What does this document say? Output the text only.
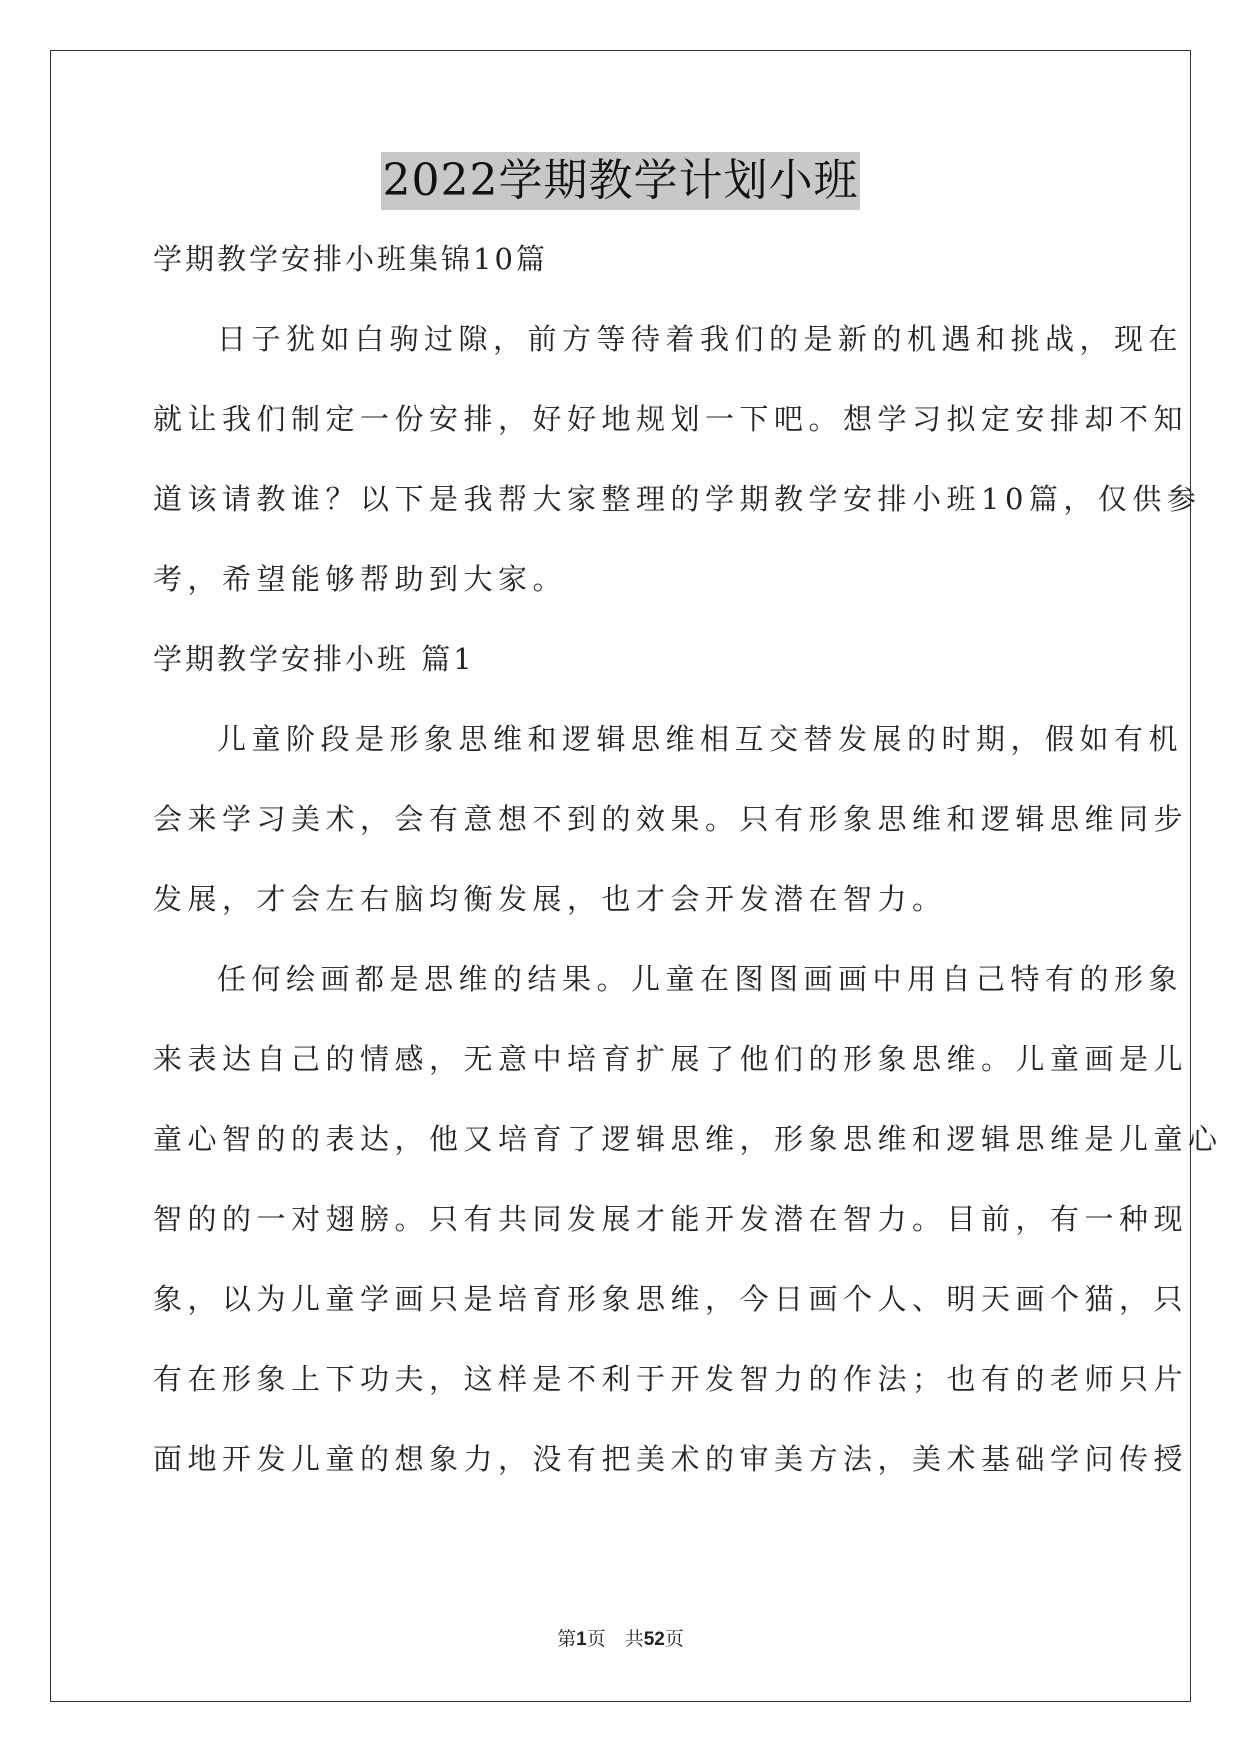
2022学期教学计划小班
学期教学安排小班集锦10篇
日子犹如白驹过隙，前方等待着我们的是新的机遇和挑战，现在
就让我们制定一份安排，好好地规划一下吧。想学习拟定安排却不知
道该请教谁？以下是我帮大家整理的学期教学安排小班10篇，仅供参
考，希望能够帮助到大家。
学期教学安排小班 篇1
儿童阶段是形象思维和逻辑思维相互交替发展的时期，假如有机
会来学习美术，会有意想不到的效果。只有形象思维和逻辑思维同步
发展，才会左右脑均衡发展，也才会开发潜在智力。
任何绘画都是思维的结果。儿童在图图画画中用自己特有的形象
来表达自己的情感，无意中培育扩展了他们的形象思维。儿童画是儿
童心智的的表达，他又培育了逻辑思维，形象思维和逻辑思维是儿童心
智的的一对翅膀。只有共同发展才能开发潜在智力。目前，有一种现
象，以为儿童学画只是培育形象思维，今日画个人、明天画个猫，只
有在形象上下功夫，这样是不利于开发智力的作法；也有的老师只片
面地开发儿童的想象力，没有把美术的审美方法，美术基础学问传授
第1页　共52页
